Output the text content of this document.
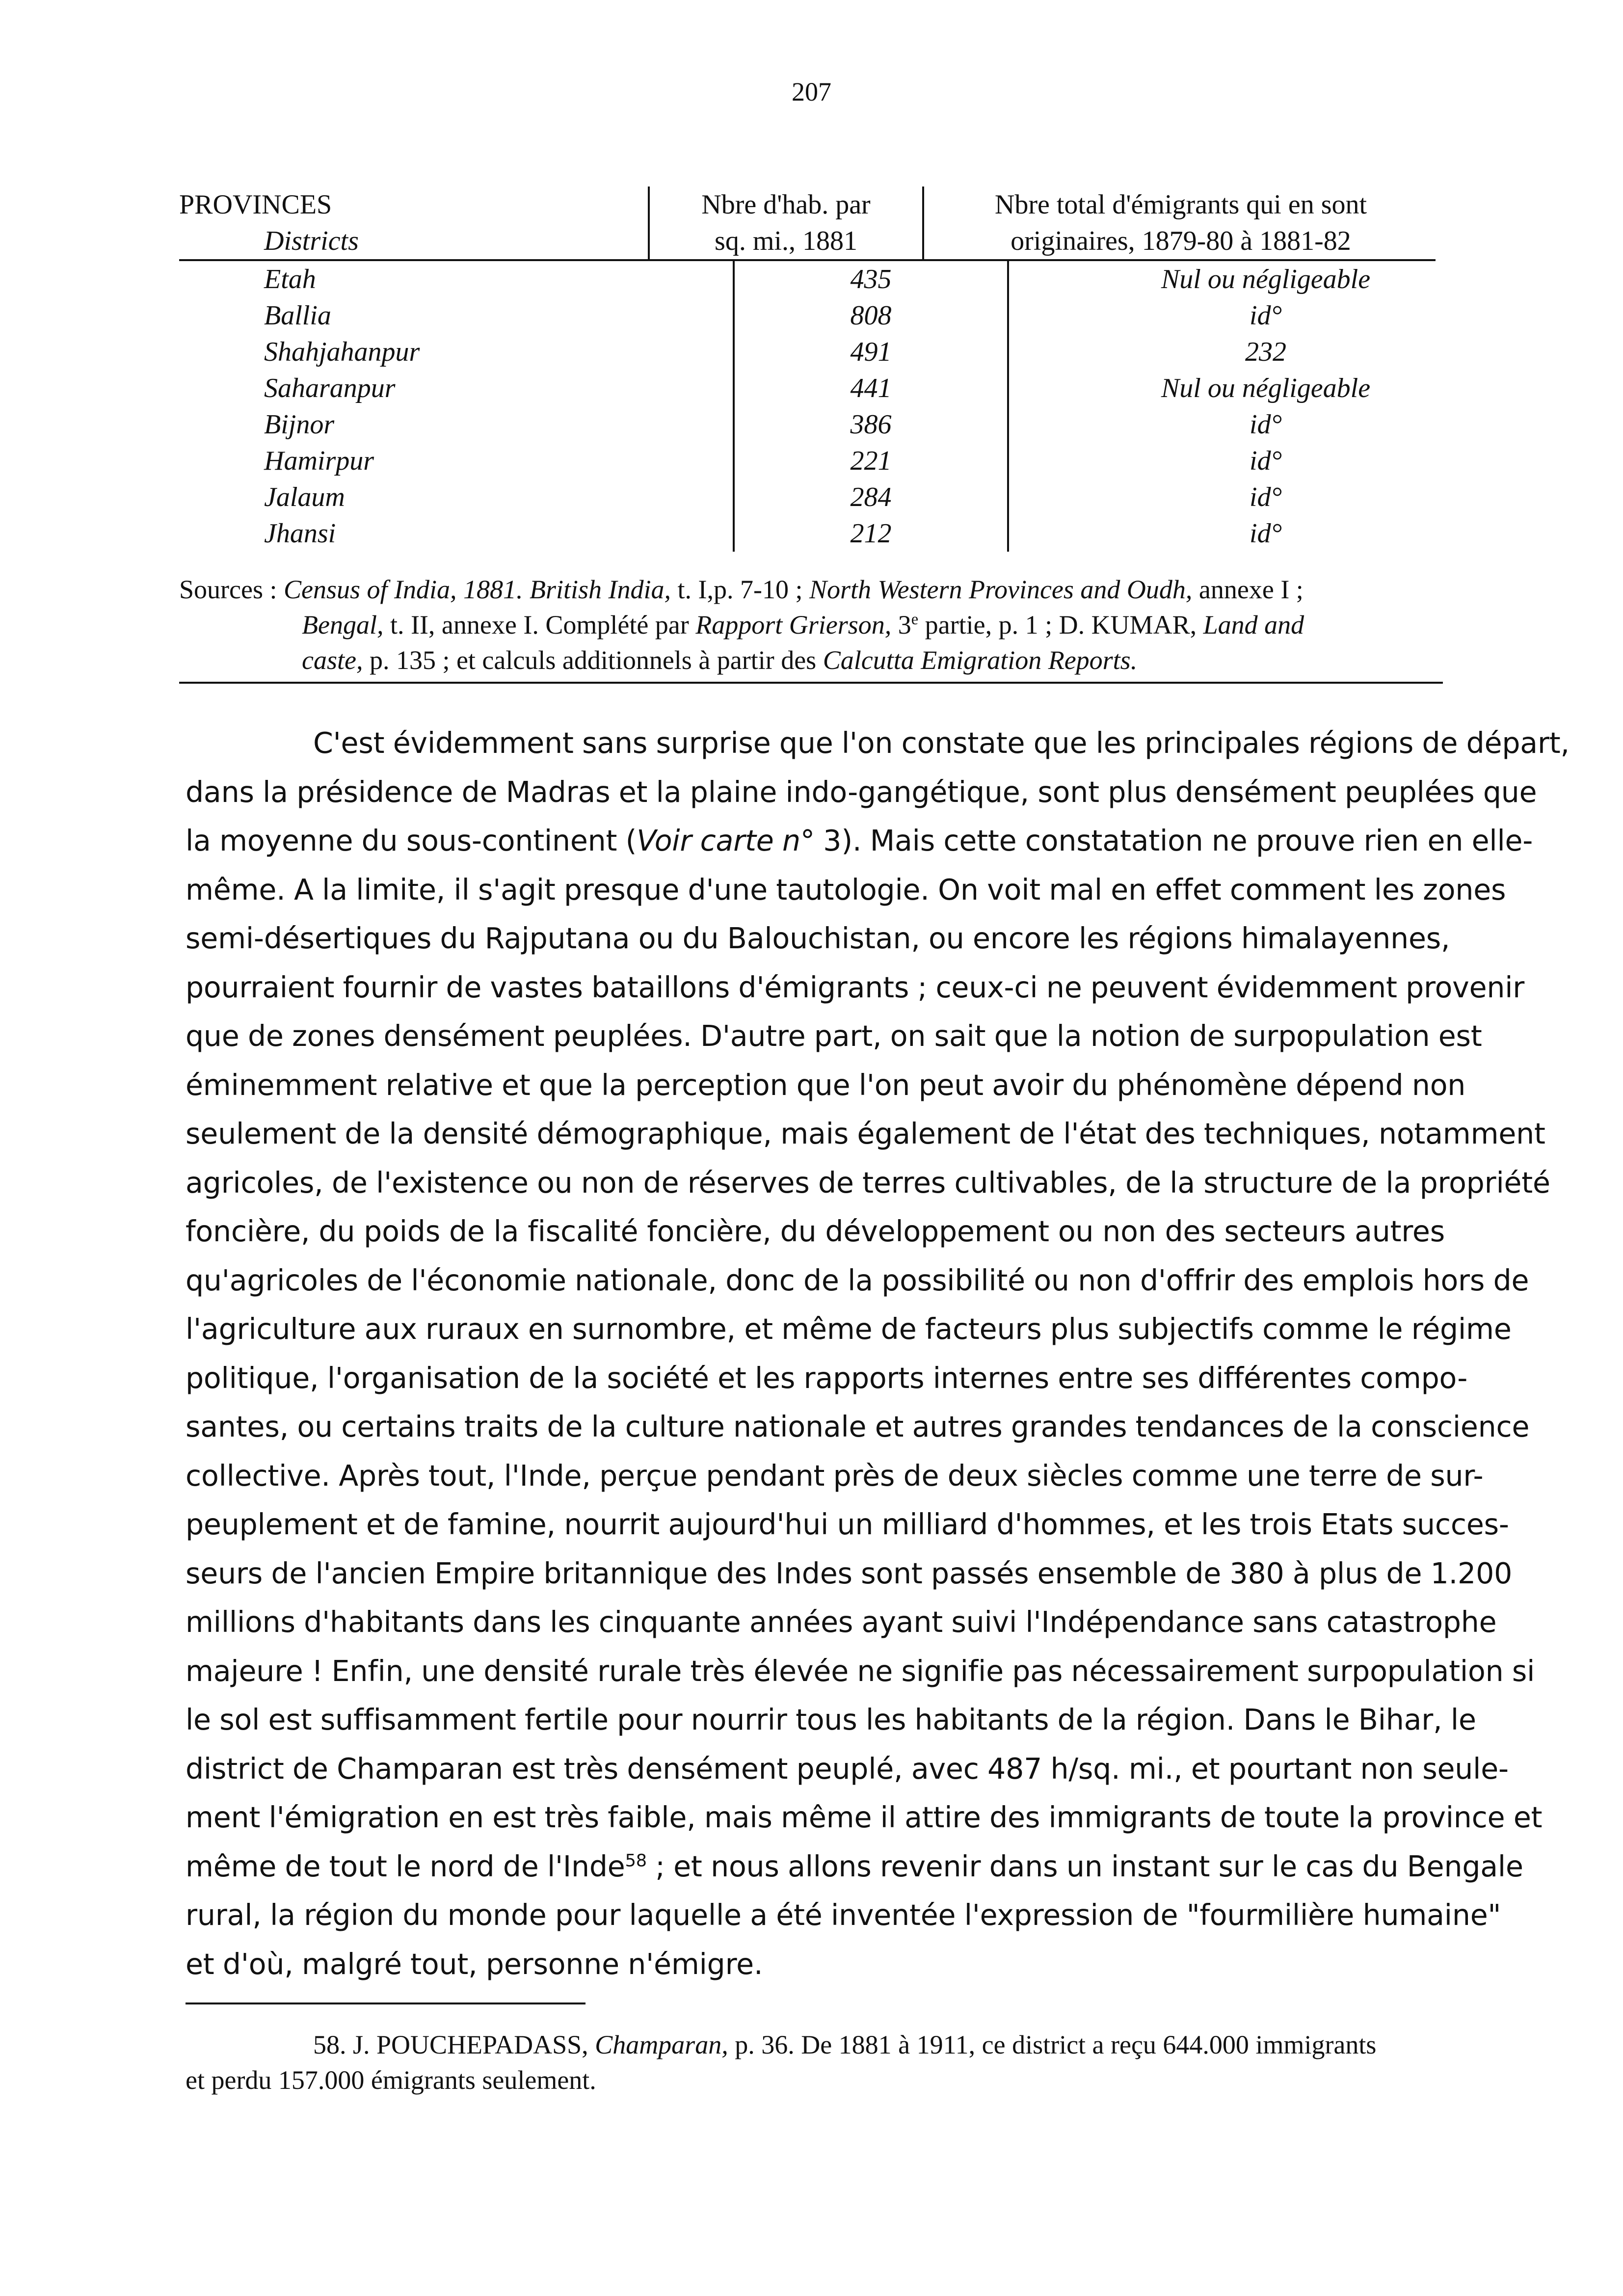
207
PROVINCES	Nbre d'hab. par	Nbre total d'émigrants qui en sont
Districts	sq. mi., 1881	originaires, 1879-80 à 1881-82
Etah	435	Nul ou négligeable
Ballia	808	id°
Shahjahanpur	491	232
Saharanpur	441	Nul ou négligeable
Bijnor	386	id°
Hamirpur	221	id°
Jalaum	284	id°
Jhansi	212	id°
Sources : Census of India, 1881. British India, t. I,p. 7-10 ; North Western Provinces and Oudh, annexe I ;
Bengal, t. II, annexe I. Complété par Rapport Grierson, 3e partie, p. 1 ; D. KUMAR, Land and
caste, p. 135 ; et calculs additionnels à partir des Calcutta Emigration Reports.
C'est évidemment sans surprise que l'on constate que les principales régions de départ,
dans la présidence de Madras et la plaine indo-gangétique, sont plus densément peuplées que
la moyenne du sous-continent (Voir carte n° 3). Mais cette constatation ne prouve rien en elle-
même. A la limite, il s'agit presque d'une tautologie. On voit mal en effet comment les zones
semi-désertiques du Rajputana ou du Balouchistan, ou encore les régions himalayennes,
pourraient fournir de vastes bataillons d'émigrants ; ceux-ci ne peuvent évidemment provenir
que de zones densément peuplées. D'autre part, on sait que la notion de surpopulation est
éminemment relative et que la perception que l'on peut avoir du phénomène dépend non
seulement de la densité démographique, mais également de l'état des techniques, notamment
agricoles, de l'existence ou non de réserves de terres cultivables, de la structure de la propriété
foncière, du poids de la fiscalité foncière, du développement ou non des secteurs autres
qu'agricoles de l'économie nationale, donc de la possibilité ou non d'offrir des emplois hors de
l'agriculture aux ruraux en surnombre, et même de facteurs plus subjectifs comme le régime
politique, l'organisation de la société et les rapports internes entre ses différentes compo-
santes, ou certains traits de la culture nationale et autres grandes tendances de la conscience
collective. Après tout, l'Inde, perçue pendant près de deux siècles comme une terre de sur-
peuplement et de famine, nourrit aujourd'hui un milliard d'hommes, et les trois Etats succes-
seurs de l'ancien Empire britannique des Indes sont passés ensemble de 380 à plus de 1.200
millions d'habitants dans les cinquante années ayant suivi l'Indépendance sans catastrophe
majeure ! Enfin, une densité rurale très élevée ne signifie pas nécessairement surpopulation si
le sol est suffisamment fertile pour nourrir tous les habitants de la région. Dans le Bihar, le
district de Champaran est très densément peuplé, avec 487 h/sq. mi., et pourtant non seule-
ment l'émigration en est très faible, mais même il attire des immigrants de toute la province et
même de tout le nord de l'Inde$^{58}$ ; et nous allons revenir dans un instant sur le cas du Bengale
rural, la région du monde pour laquelle a été inventée l'expression de "fourmilière humaine"
et d'où, malgré tout, personne n'émigre.
58. J. POUCHEPADASS, Champaran, p. 36. De 1881 à 1911, ce district a reçu 644.000 immigrants
et perdu 157.000 émigrants seulement.
